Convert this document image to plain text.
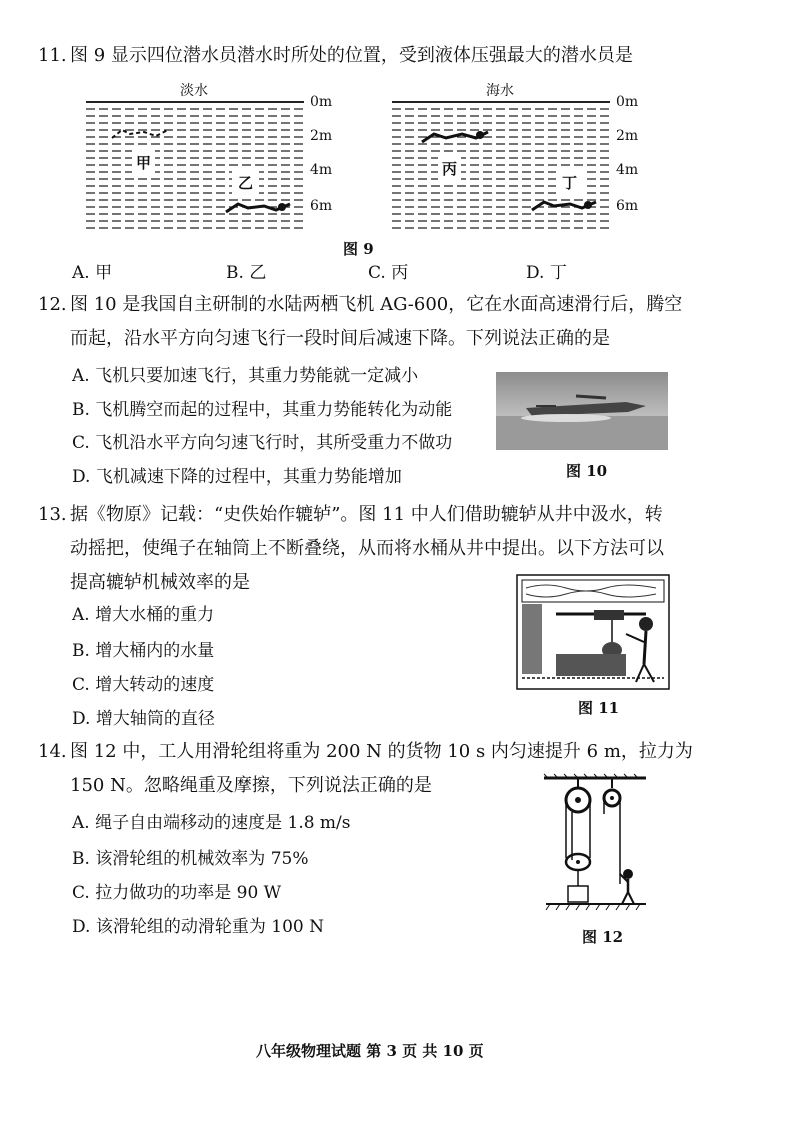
11. 图 9 显示四位潜水员潜水时所处的位置，受到液体压强最大的潜水员是
淡水	海水
0m
2m
4m
6m
0m
2m
4m
6m
甲
乙
丙
丁
图 9
A. 甲	B. 乙	C. 丙	D. 丁
12. 图 10 是我国自主研制的水陆两栖飞机 AG-600，它在水面高速滑行后，腾空
而起，沿水平方向匀速飞行一段时间后减速下降。下列说法正确的是
A. 飞机只要加速飞行，其重力势能就一定减小
B. 飞机腾空而起的过程中，其重力势能转化为动能
C. 飞机沿水平方向匀速飞行时，其所受重力不做功
D. 飞机减速下降的过程中，其重力势能增加	图 10
13. 据《物原》记载：“史佚始作辘轳”。图 11 中人们借助辘轳从井中汲水，转
动摇把，使绳子在轴筒上不断叠绕，从而将水桶从井中提出。以下方法可以
提高辘轳机械效率的是
A. 增大水桶的重力
B. 增大桶内的水量
C. 增大转动的速度
D. 增大轴筒的直径
图 11
14. 图 12 中，工人用滑轮组将重为 200 N 的货物 10 s 内匀速提升 6 m，拉力为
150 N。忽略绳重及摩擦，下列说法正确的是
A. 绳子自由端移动的速度是 1.8 m/s
B. 该滑轮组的机械效率为 75%
C. 拉力做功的功率是 90 W
D. 该滑轮组的动滑轮重为 100 N	图 12
八年级物理试题 第 3 页 共 10 页
